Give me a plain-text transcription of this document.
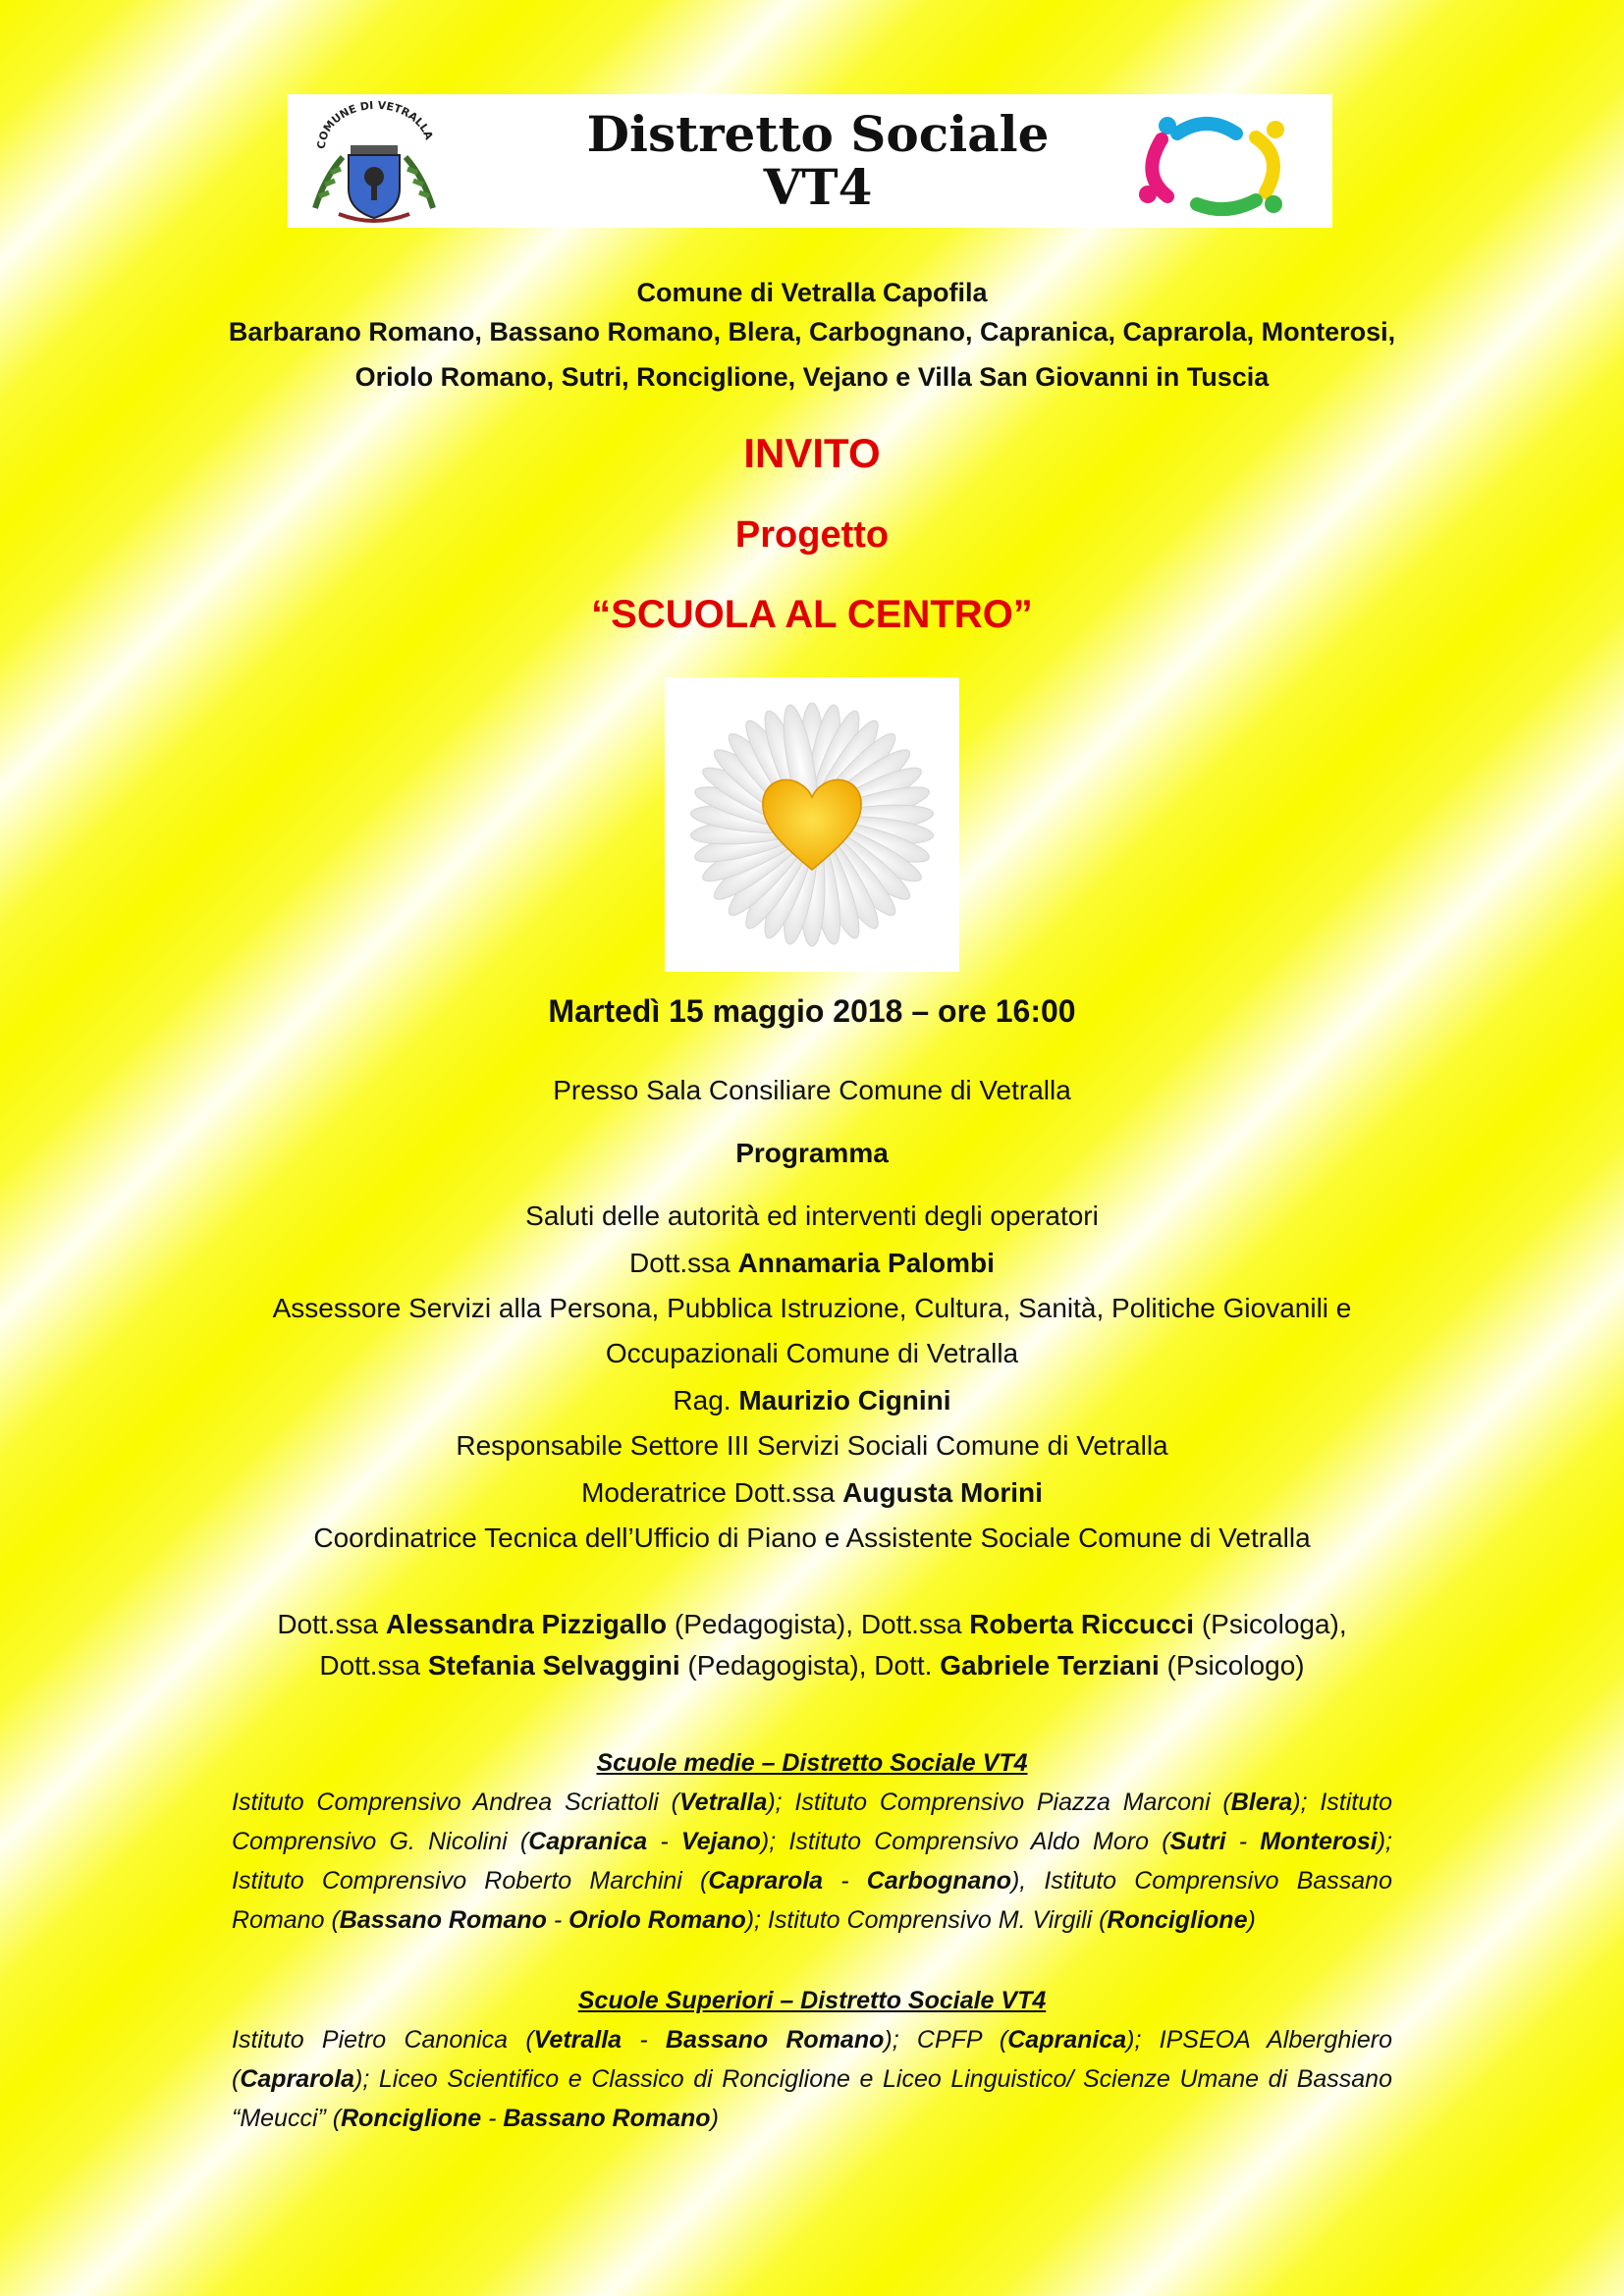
COMUNE DI VETRALLA	Distretto Sociale
VT4
Comune di Vetralla Capofila
Barbarano Romano, Bassano Romano, Blera, Carbognano, Capranica, Caprarola, Monterosi,
Oriolo Romano, Sutri, Ronciglione, Vejano e Villa San Giovanni in Tuscia
INVITO
Progetto
“SCUOLA AL CENTRO”
Martedì 15 maggio 2018 – ore 16:00
Presso Sala Consiliare Comune di Vetralla
Programma
Saluti delle autorità ed interventi degli operatori
Dott.ssa Annamaria Palombi
Assessore Servizi alla Persona, Pubblica Istruzione, Cultura, Sanità, Politiche Giovanili e
Occupazionali Comune di Vetralla
Rag. Maurizio Cignini
Responsabile Settore III Servizi Sociali Comune di Vetralla
Moderatrice Dott.ssa Augusta Morini
Coordinatrice Tecnica dell’Ufficio di Piano e Assistente Sociale Comune di Vetralla
Dott.ssa Alessandra Pizzigallo (Pedagogista), Dott.ssa Roberta Riccucci (Psicologa),
Dott.ssa Stefania Selvaggini (Pedagogista), Dott. Gabriele Terziani (Psicologo)
Scuole medie – Distretto Sociale VT4
Istituto Comprensivo Andrea Scriattoli (Vetralla); Istituto Comprensivo Piazza Marconi (Blera); Istituto Comprensivo G. Nicolini (Capranica - Vejano); Istituto Comprensivo Aldo Moro (Sutri - Monterosi); Istituto Comprensivo Roberto Marchini (Caprarola - Carbognano), Istituto Comprensivo Bassano Romano (Bassano Romano - Oriolo Romano); Istituto Comprensivo M. Virgili (Ronciglione)
Scuole Superiori – Distretto Sociale VT4
Istituto Pietro Canonica (Vetralla - Bassano Romano); CPFP (Capranica); IPSEOA Alberghiero (Caprarola); Liceo Scientifico e Classico di Ronciglione e Liceo Linguistico/ Scienze Umane di Bassano “Meucci” (Ronciglione - Bassano Romano)
